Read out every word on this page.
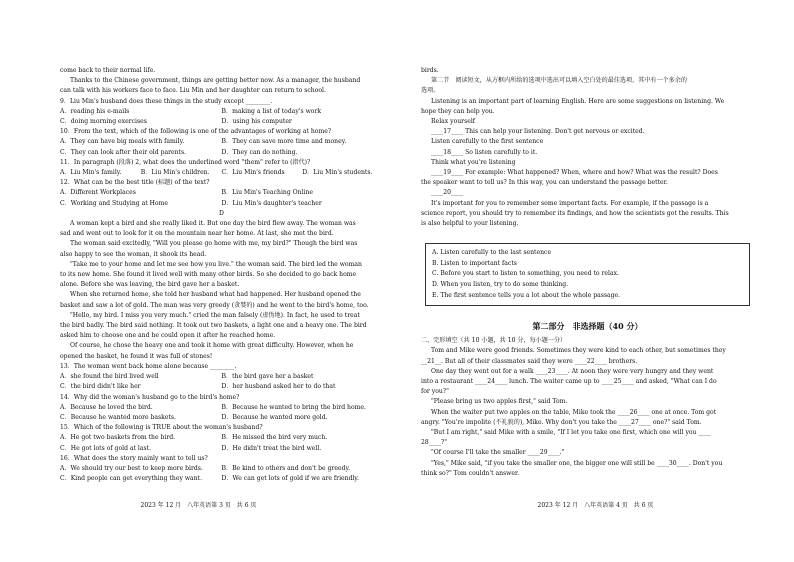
come back to their normal life.
Thanks to the Chinese government, things are getting better now. As a manager, the husband
can talk with his workers face to face. Liu Min and her daughter can return to school.
9．Liu Min's husband does these things in the study except ________.
A．reading his e-mails	B．making a list of today's work
C．doing morning exercises	D．using his computer
10．From the text, which of the following is one of the advantages of working at home?
A．They can have big meals with family.	B．They can save more time and money.
C．They can look after their old parents.	D．They can do nothing.
11．In paragraph (段落) 2, what does the underlined word "them" refer to (指代)?
A．Liu Min's family.	B．Liu Min's children.	C．Liu Min's friends	D．Liu Min's students.
12．What can be the best title (标题) of the text?
A．Different Workplaces	B．Liu Min's Teaching Online
C．Working and Studying at Home	D．Liu Min's daughter's teacher
D
A woman kept a bird and she really liked it. But one day the bird flew away. The woman was
sad and went out to look for it on the mountain near her home. At last, she met the bird.
The woman said excitedly, "Will you please go home with me, my bird?" Though the bird was
also happy to see the woman, it shook its head.
"Take me to your home and let me see how you live." the woman said. The bird led the woman
to its new home. She found it lived well with many other birds. So she decided to go back home
alone. Before she was leaving, the bird gave her a basket.
When she returned home, she told her husband what had happened. Her husband opened the
basket and saw a lot of gold. The man was very greedy (贪婪的) and he went to the bird's home, too.
"Hello, my bird. I miss you very much." cried the man falsely (虚伪地). In fact, he used to treat
the bird badly. The bird said nothing. It took out two baskets, a light one and a heavy one. The bird
asked him to choose one and he could open it after he reached home.
Of course, he chose the heavy one and took it home with great difficulty. However, when he
opened the basket, he found it was full of stones!
13．The woman went back home alone because ________.
A．she found the bird lived well	B．the bird gave her a basket
C．the bird didn't like her	D．her husband asked her to do that
14．Why did the woman's husband go to the bird's home?
A．Because he loved the bird.	B．Because he wanted to bring the bird home.
C．Because he wanted more baskets.	D．Because he wanted more gold.
15．Which of the following is TRUE about the woman's husband?
A．He got two baskets from the bird.	B．He missed the bird very much.
C．He got lots of gold at last.	D．He didn't treat the bird well.
16．What does the story mainly want to tell us?
A．We should try our best to keep more birds.	B．Be kind to others and don't be greedy.
C．Kind people can get everything they want.	D．We can get lots of gold if we are friendly.
2023 年 12 月　八年英语第 3 页　共 6 页
birds.
第二节　阅读短文，从方框内所给的选项中选出可以填入空白处的最佳选项，其中有一个多余的
选项。
Listening is an important part of learning English. Here are some suggestions on listening. We
hope they can help you.
Relax yourself
____17____ This can help your listening. Don't get nervous or excited.
Listen carefully to the first sentence
____18____ So listen carefully to it.
Think what you're listening
____19____ For example: What happened? When, where and how? What was the result? Does
the speaker want to tell us? In this way, you can understand the passage better.
____20____
It's important for you to remember some important facts. For example, if the passage is a
science report, you should try to remember its findings, and how the scientists got the results. This
is also helpful to your listening.
A. Listen carefully to the last sentence
B. Listen to important facts
C. Before you start to listen to something, you need to relax.
D. When you listen, try to do some thinking.
E. The first sentence tells you a lot about the whole passage.
第二部分　非选择题（40 分）
二、完形填空（共 10 小题，共 10 分，每小题一分）
Tom and Mike were good friends. Sometimes they were kind to each other, but sometimes they
__21__. But all of their classmates said they were ____22____ brothers.
One day they went out for a walk ____23____. At noon they were very hungry and they went
into a restaurant ____24____ lunch. The waiter came up to ____25____ and asked, "What can I do
for you?"
"Please bring us two apples first," said Tom.
When the waiter put two apples on the table, Mike took the ____26____ one at once. Tom got
angry. "You're impolite (不礼貌的), Mike. Why don't you take the ____27____ one?" said Tom.
"But I am right," said Mike with a smile, "If I let you take one first, which one will you ____
28____?"
"Of course I'll take the smaller ____29____."
"Yes," Mike said, "if you take the smaller one, the bigger one will still be ____30____. Don't you
think so?" Tom couldn't answer.
2023 年 12 月　八年英语第 4 页　共 6 页
